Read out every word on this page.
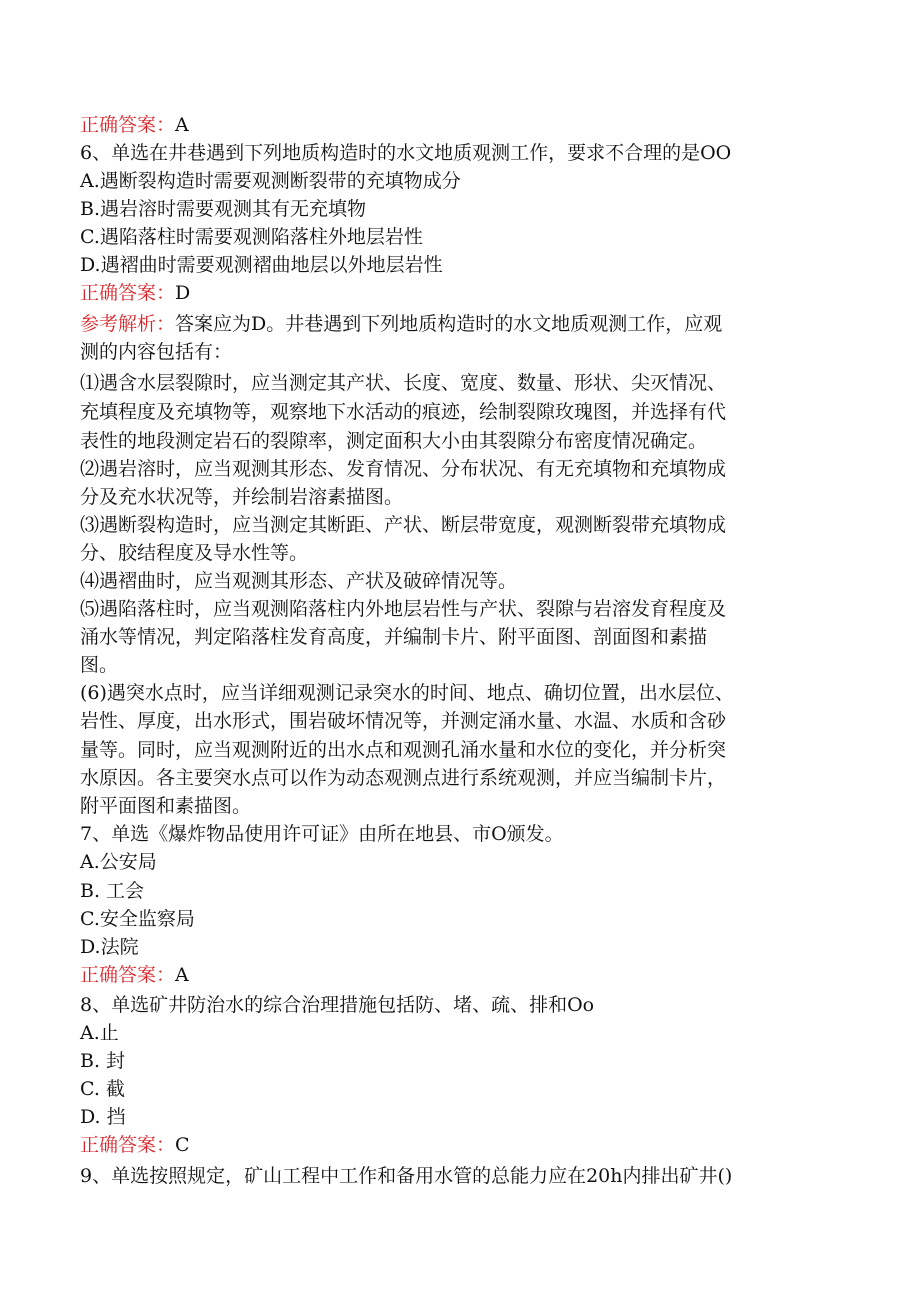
正确答案：A
6、单选在井巷遇到下列地质构造时的水文地质观测工作，要求不合理的是OO
A.遇断裂构造时需要观测断裂带的充填物成分
B.遇岩溶时需要观测其有无充填物
C.遇陷落柱时需要观测陷落柱外地层岩性
D.遇褶曲时需要观测褶曲地层以外地层岩性
正确答案：D
参考解析：答案应为D。井巷遇到下列地质构造时的水文地质观测工作，应观
测的内容包括有：
⑴遇含水层裂隙时，应当测定其产状、长度、宽度、数量、形状、尖灭情况、
充填程度及充填物等，观察地下水活动的痕迹，绘制裂隙玫瑰图，并选择有代
表性的地段测定岩石的裂隙率，测定面积大小由其裂隙分布密度情况确定。
⑵遇岩溶时，应当观测其形态、发育情况、分布状况、有无充填物和充填物成
分及充水状况等，并绘制岩溶素描图。
⑶遇断裂构造时，应当测定其断距、产状、断层带宽度，观测断裂带充填物成
分、胶结程度及导水性等。
⑷遇褶曲时，应当观测其形态、产状及破碎情况等。
⑸遇陷落柱时，应当观测陷落柱内外地层岩性与产状、裂隙与岩溶发育程度及
涌水等情况，判定陷落柱发育高度，并编制卡片、附平面图、剖面图和素描
图。
(6)遇突水点时，应当详细观测记录突水的时间、地点、确切位置，出水层位、
岩性、厚度，出水形式，围岩破坏情况等，并测定涌水量、水温、水质和含砂
量等。同时，应当观测附近的出水点和观测孔涌水量和水位的变化，并分析突
水原因。各主要突水点可以作为动态观测点进行系统观测，并应当编制卡片，
附平面图和素描图。
7、单选《爆炸物品使用许可证》由所在地县、市O颁发。
A.公安局
B. 工会
C.安全监察局
D.法院
正确答案：A
8、单选矿井防治水的综合治理措施包括防、堵、疏、排和Oo
A.止
B. 封
C. 截
D. 挡
正确答案：C
9、单选按照规定，矿山工程中工作和备用水管的总能力应在20h内排出矿井()
